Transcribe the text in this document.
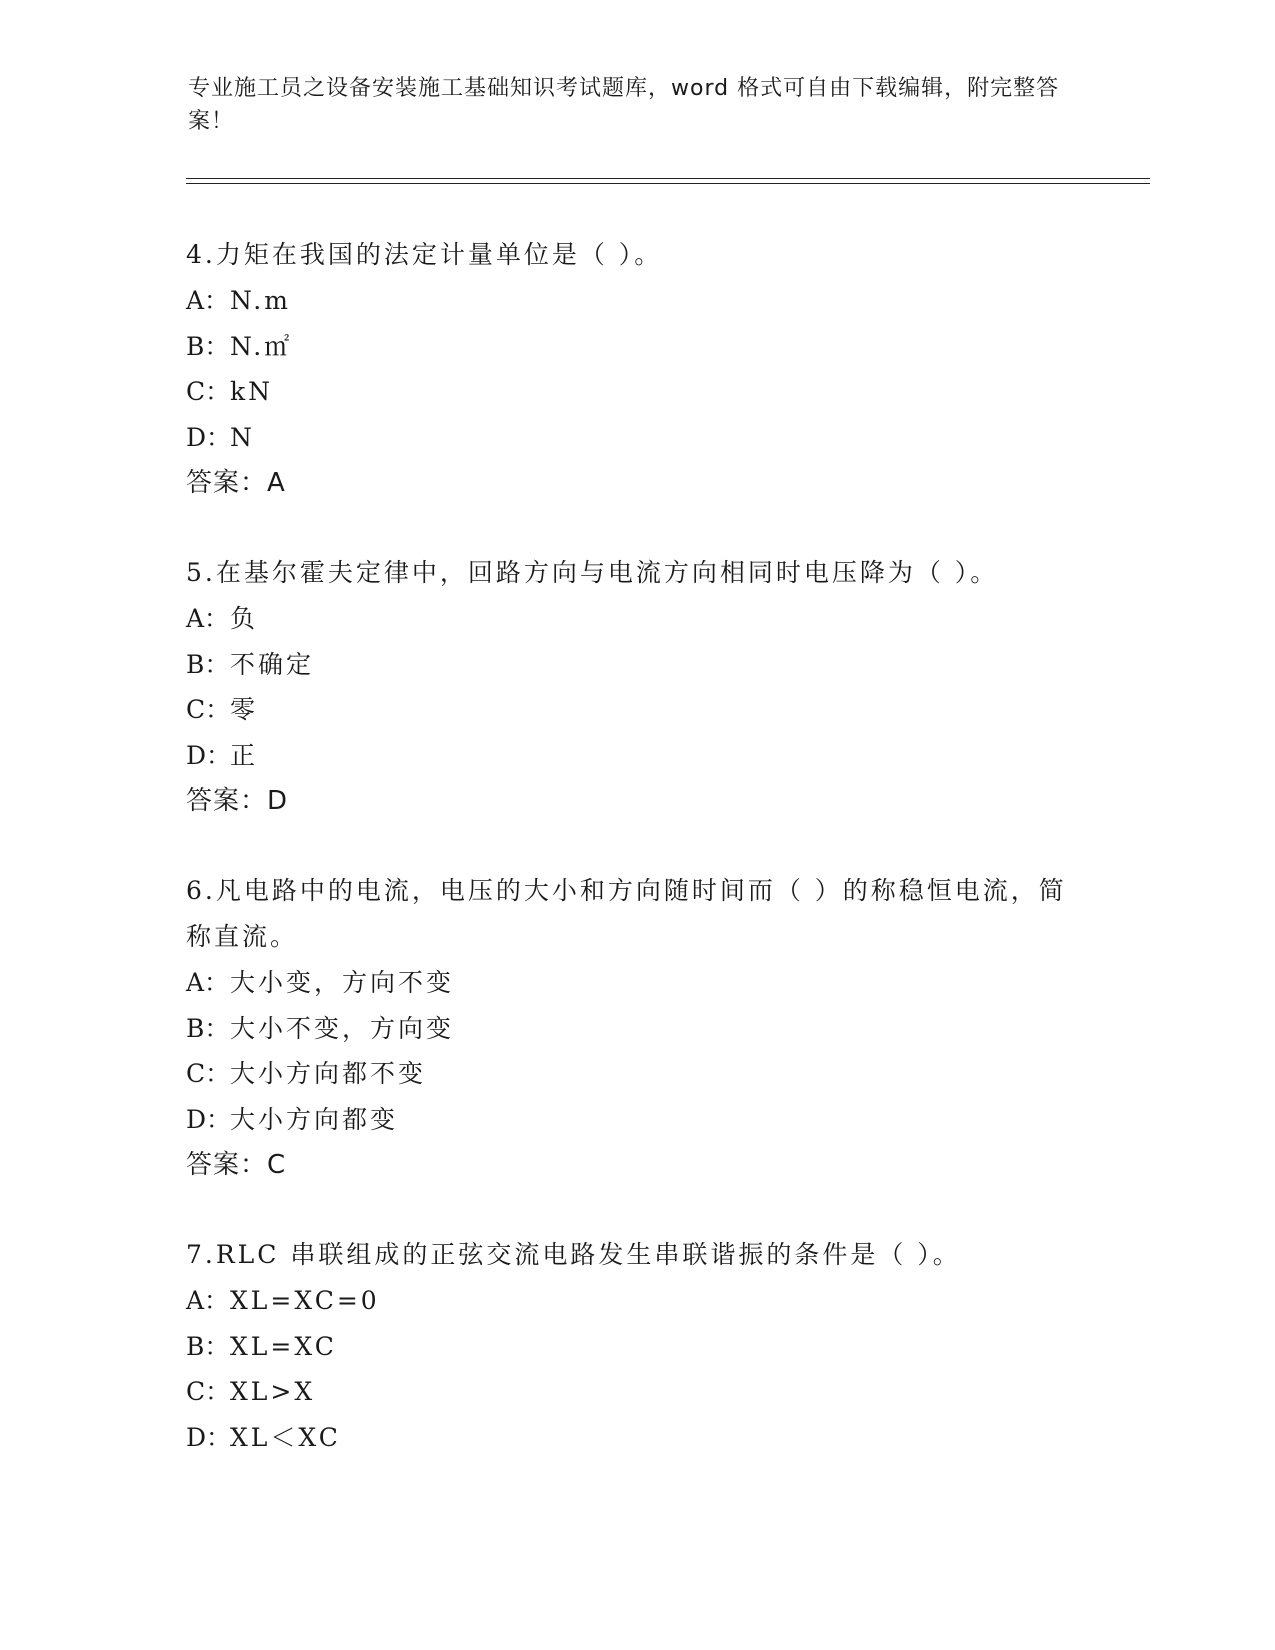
专业施工员之设备安装施工基础知识考试题库，word 格式可自由下载编辑，附完整答案！
4.力矩在我国的法定计量单位是（ ）。
A：N.m
B：N.㎡
C：kN
D：N
答案：A
5.在基尔霍夫定律中，回路方向与电流方向相同时电压降为（ ）。
A：负
B：不确定
C：零
D：正
答案：D
6.凡电路中的电流，电压的大小和方向随时间而（ ）的称稳恒电流，简称直流。
A：大小变，方向不变
B：大小不变，方向变
C：大小方向都不变
D：大小方向都变
答案：C
7.RLC 串联组成的正弦交流电路发生串联谐振的条件是（ ）。
A：XL=XC=0
B：XL=XC
C：XL>X
D：XL＜XC
